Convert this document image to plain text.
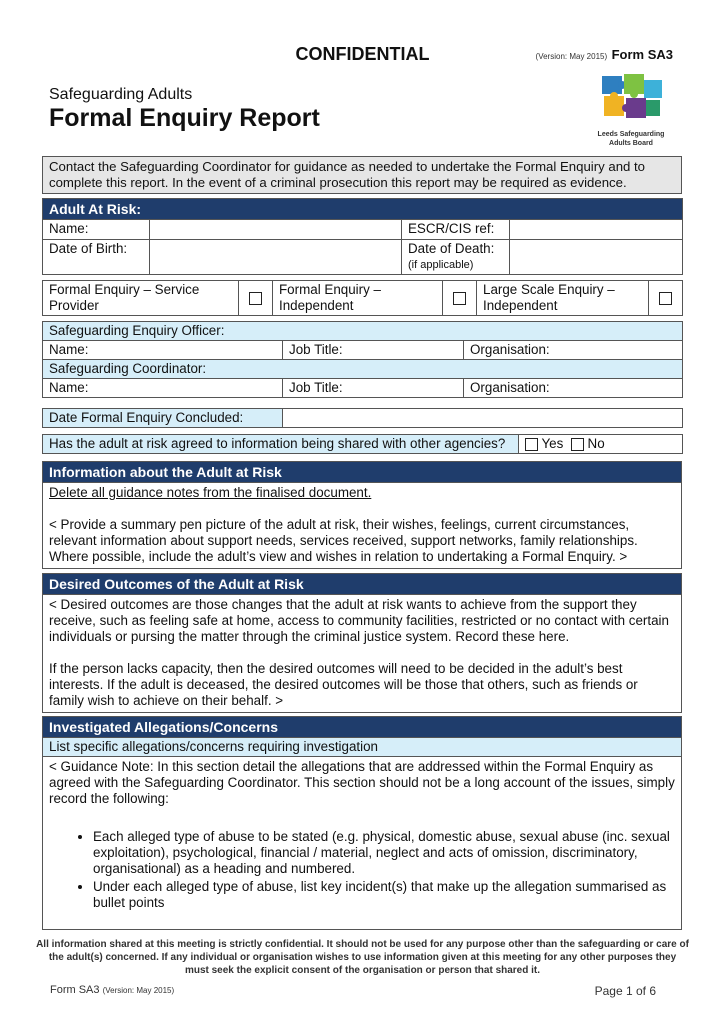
CONFIDENTIAL	(Version: May 2015) Form SA3
Safeguarding Adults
Formal Enquiry Report
Leeds Safeguarding Adults Board
Contact the Safeguarding Coordinator for guidance as needed to undertake the Formal Enquiry and to complete this report. In the event of a criminal prosecution this report may be required as evidence.
Adult At Risk:			
Name:		ESCR/CIS ref:	
Date of Birth:		Date of Death:
(if applicable)	

Formal Enquiry – Service Provider		Formal Enquiry – Independent		Large Scale Enquiry – Independent	
Safeguarding Enquiry Officer:		
Name:	Job Title:	Organisation:
Safeguarding Coordinator:		
Name:	Job Title:	Organisation:
Date Formal Enquiry Concluded:	
Has the adult at risk agreed to information being shared with other agencies?	Yes No
Information about the Adult at Risk

Delete all guidance notes from the finalised document.

< Provide a summary pen picture of the adult at risk, their wishes, feelings, current circumstances, relevant information about support needs, services received, support networks, family relationships. Where possible, include the adult’s view and wishes in relation to undertaking a Formal Enquiry. >

Desired Outcomes of the Adult at Risk

< Desired outcomes are those changes that the adult at risk wants to achieve from the support they receive, such as feeling safe at home, access to community facilities, restricted or no contact with certain individuals or pursing the matter through the criminal justice system. Record these here.

If the person lacks capacity, then the desired outcomes will need to be decided in the adult’s best interests. If the adult is deceased, the desired outcomes will be those that others, such as friends or family wish to achieve on their behalf. >

Investigated Allegations/Concerns
List specific allegations/concerns requiring investigation

< Guidance Note: In this section detail the allegations that are addressed within the Formal Enquiry as agreed with the Safeguarding Coordinator. This section should not be a long account of the issues, simply record the following:

• Each alleged type of abuse to be stated (e.g. physical, domestic abuse, sexual abuse (inc. sexual exploitation), psychological, financial / material, neglect and acts of omission, discriminatory, organisational) as a heading and numbered.
• Under each alleged type of abuse, list key incident(s) that make up the allegation summarised as bullet points
All information shared at this meeting is strictly confidential. It should not be used for any purpose other than the safeguarding or care of the adult(s) concerned. If any individual or organisation wishes to use information given at this meeting for any other purposes they must seek the explicit consent of the organisation or person that shared it.
Form SA3 (Version: May 2015)	Page 1 of 6
